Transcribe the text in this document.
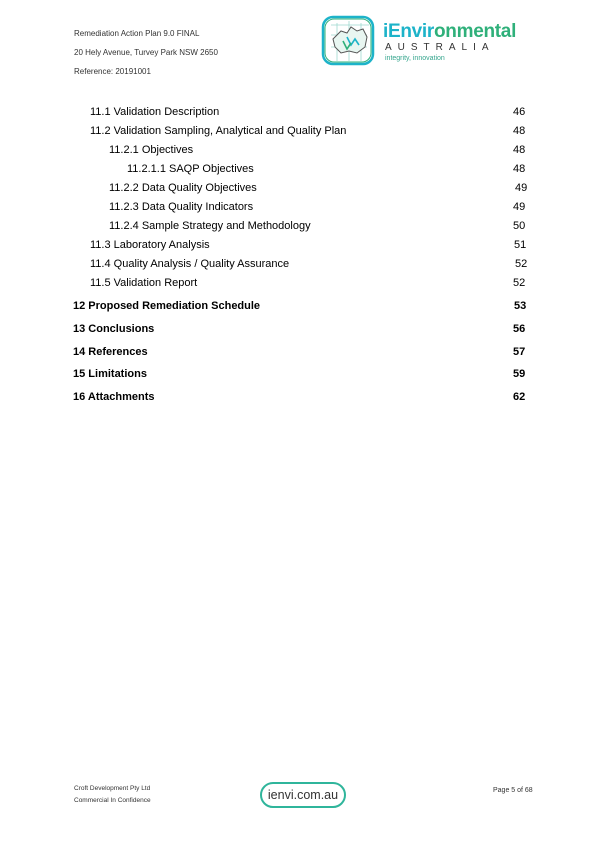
Remediation Action Plan 9.0 FINAL
20 Hely Avenue, Turvey Park NSW 2650
Reference: 20191001
iEnvironmental
AUSTRALIA
integrity, innovation
11.1 Validation Description	46
11.2 Validation Sampling, Analytical and Quality Plan	48
11.2.1 Objectives	48
11.2.1.1 SAQP Objectives	48
11.2.2 Data Quality Objectives	49
11.2.3 Data Quality Indicators	49
11.2.4 Sample Strategy and Methodology	50
11.3 Laboratory Analysis	51
11.4 Quality Analysis / Quality Assurance	52
11.5 Validation Report	52
12 Proposed Remediation Schedule	53
13 Conclusions	56
14 References	57
15 Limitations	59
16 Attachments	62
Croft Development Pty Ltd
Commercial In Confidence	ienvi.com.au	Page 5 of 68
